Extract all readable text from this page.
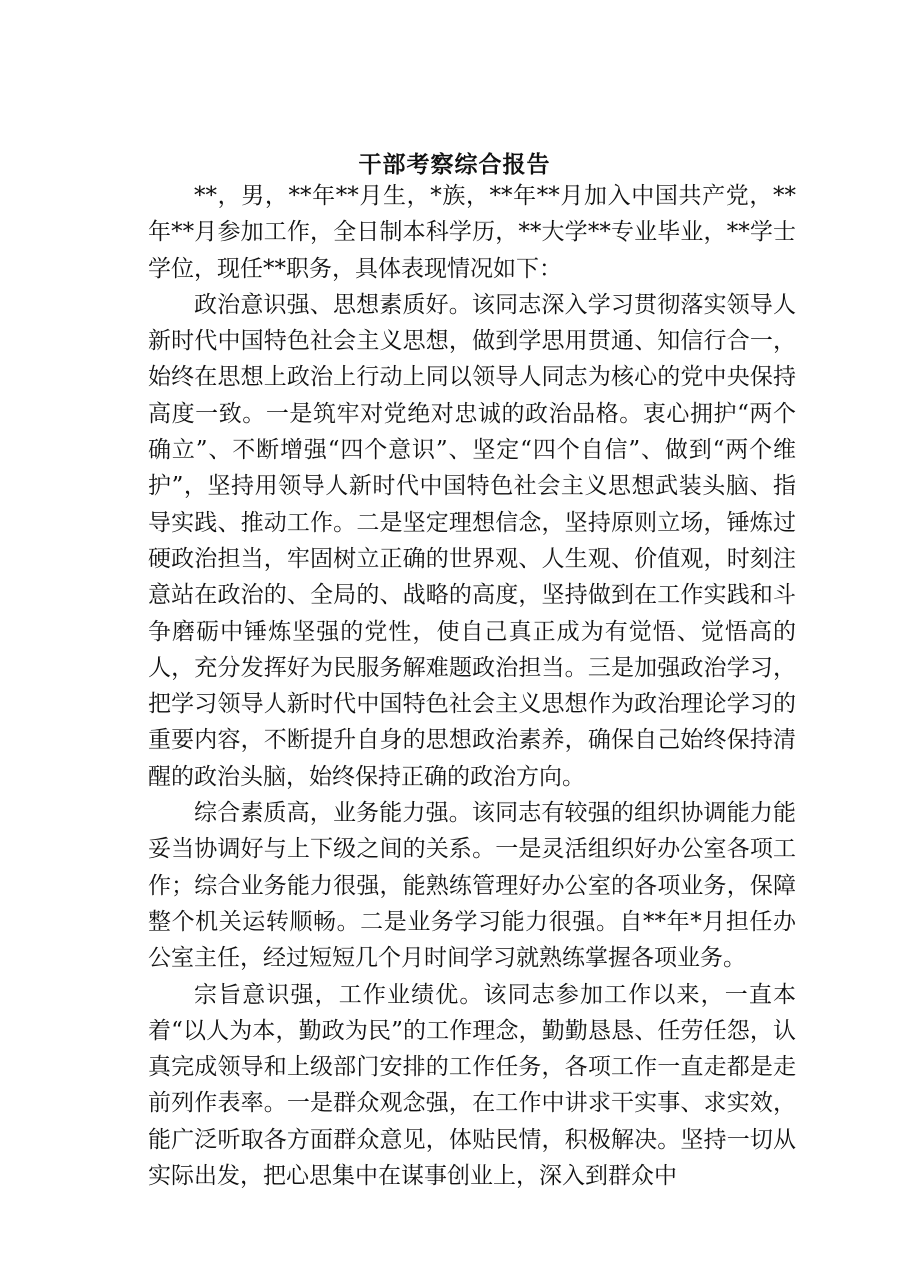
干部考察综合报告

**，男，**年**月生，*族，**年**月加入中国共产党，**年**月参加工作，全日制本科学历，**大学**专业毕业，**学士学位，现任**职务，具体表现情况如下：

政治意识强、思想素质好。该同志深入学习贯彻落实领导人新时代中国特色社会主义思想，做到学思用贯通、知信行合一，始终在思想上政治上行动上同以领导人同志为核心的党中央保持高度一致。一是筑牢对党绝对忠诚的政治品格。衷心拥护“两个确立”、不断增强“四个意识”、坚定“四个自信”、做到“两个维护”，坚持用领导人新时代中国特色社会主义思想武装头脑、指导实践、推动工作。二是坚定理想信念，坚持原则立场，锤炼过硬政治担当，牢固树立正确的世界观、人生观、价值观，时刻注意站在政治的、全局的、战略的高度，坚持做到在工作实践和斗争磨砺中锤炼坚强的党性，使自己真正成为有觉悟、觉悟高的人，充分发挥好为民服务解难题政治担当。三是加强政治学习，把学习领导人新时代中国特色社会主义思想作为政治理论学习的重要内容，不断提升自身的思想政治素养，确保自己始终保持清醒的政治头脑，始终保持正确的政治方向。

综合素质高，业务能力强。该同志有较强的组织协调能力能妥当协调好与上下级之间的关系。一是灵活组织好办公室各项工作；综合业务能力很强，能熟练管理好办公室的各项业务，保障整个机关运转顺畅。二是业务学习能力很强。自**年*月担任办公室主任，经过短短几个月时间学习就熟练掌握各项业务。

宗旨意识强，工作业绩优。该同志参加工作以来，一直本着“以人为本，勤政为民”的工作理念，勤勤恳恳、任劳任怨，认真完成领导和上级部门安排的工作任务，各项工作一直走都是走前列作表率。一是群众观念强，在工作中讲求干实事、求实效，能广泛听取各方面群众意见，体贴民情，积极解决。坚持一切从实际出发，把心思集中在谋事创业上，深入到群众中
